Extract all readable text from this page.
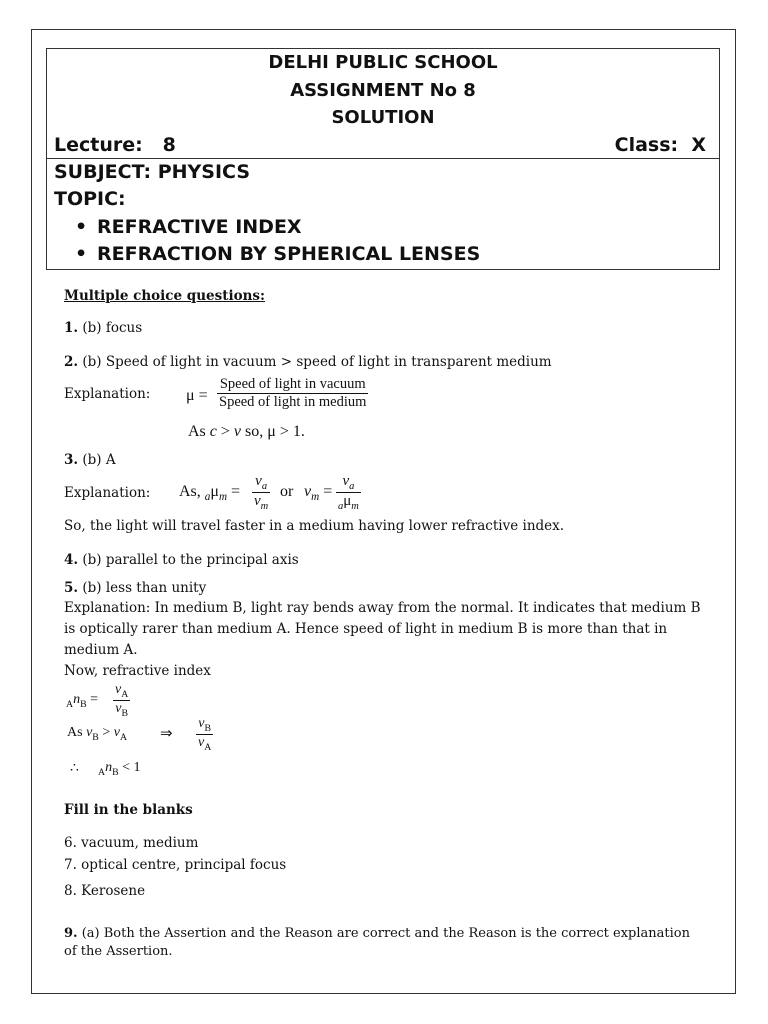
DELHI PUBLIC SCHOOL
ASSIGNMENT No 8
SOLUTION
Lecture:   8	Class:  X
SUBJECT: PHYSICS
TOPIC:
• REFRACTIVE INDEX
• REFRACTION BY SPHERICAL LENSES
Multiple choice questions:
1. (b) focus
2. (b) Speed of light in vacuum > speed of light in transparent medium
Explanation: μ =
Speed of light in vacuum
Speed of light in medium
As c > v so, μ > 1.
3. (b) A
Explanation: As, $_a\mu_m = \frac{v_a}{v_m}$ or $v_m$ =
$v_a$
$_a\mu_m$
So, the light will travel faster in a medium having lower refractive index.
4. (b) parallel to the principal axis
5. (b) less than unity
Explanation: In medium B, light ray bends away from the normal. It indicates that medium B
is optically rarer than medium A. Hence speed of light in medium B is more than that in
medium A.
Now, refractive index
$_An_B = \frac{v_A}{v_B}$
As $v_B > v_A$ ⇒ $\frac{v_B}{v_A}$
∴ $_An_B < 1$
Fill in the blanks
6. vacuum, medium
7. optical centre, principal focus
8. Kerosene
9. (a) Both the Assertion and the Reason are correct and the Reason is the correct explanation
of the Assertion.
